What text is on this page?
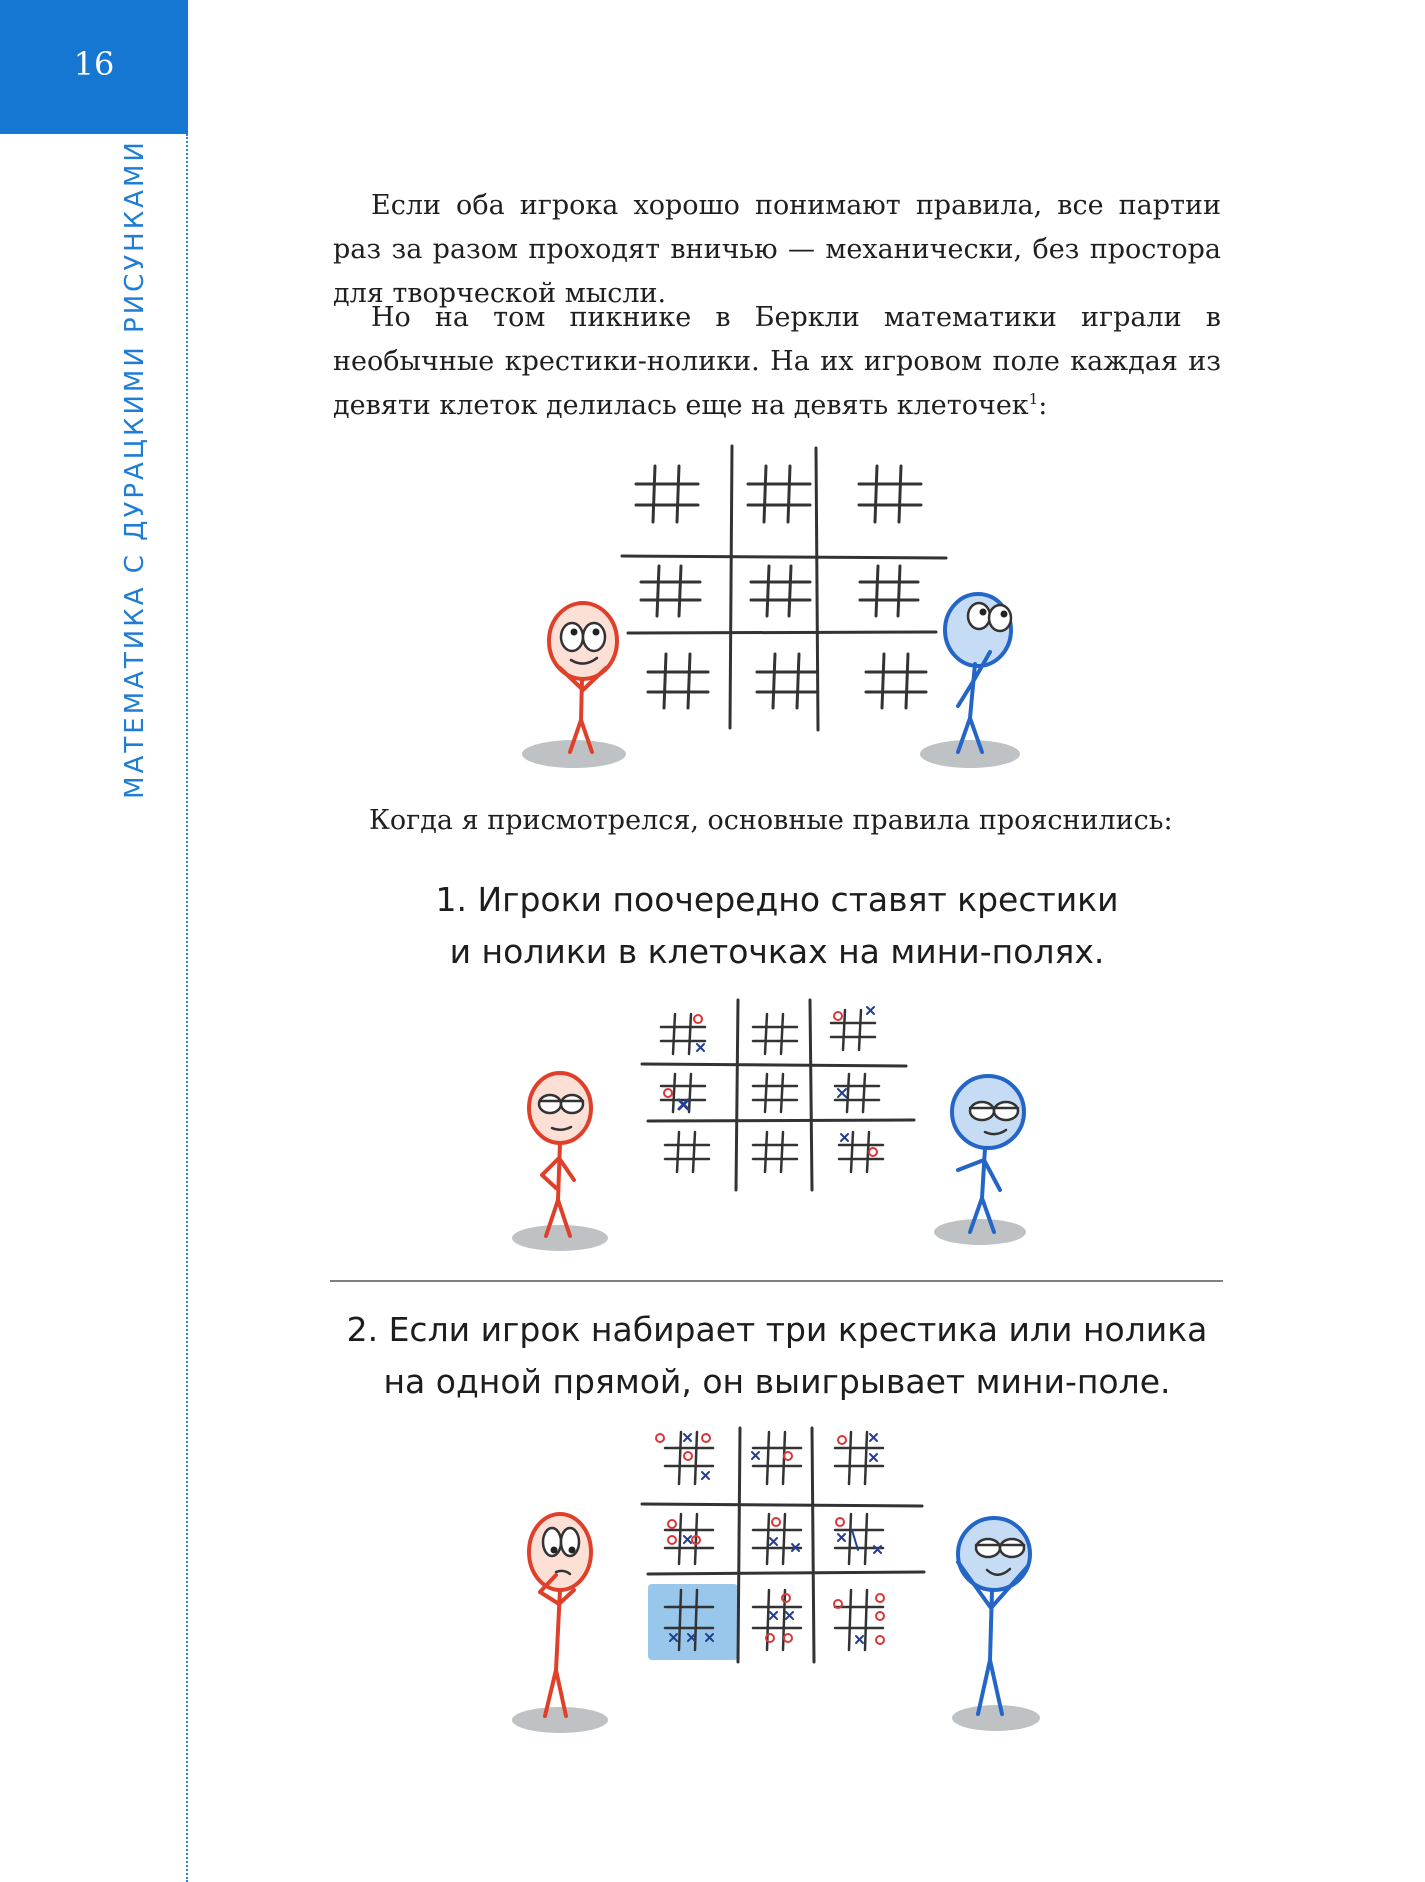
16
МАТЕМАТИКА С ДУРАЦКИМИ РИСУНКАМИ	Если оба игрока хорошо понимают правила, все партии раз за разом проходят вничью — механически, без простора для творческой мысли.

Но на том пикнике в Беркли математики играли в необычные крестики-нолики. На их игровом поле каждая из девяти клеток делилась еще на девять клеточек$^1$:

Когда я присмотрелся, основные правила прояснились:
1. Игроки поочередно ставят крестики
и нолики в клеточках на мини-полях.
2. Если игрок набирает три крестика или нолика
на одной прямой, он выигрывает мини-поле.
